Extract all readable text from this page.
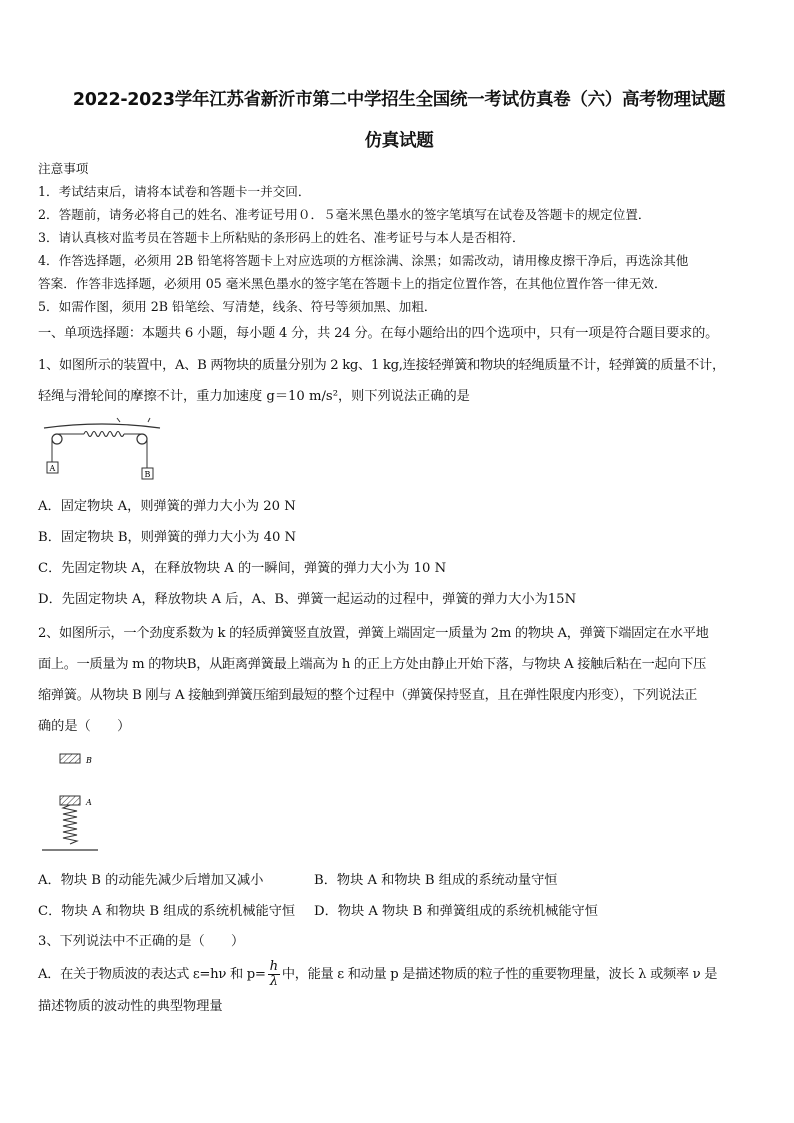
2022-2023学年江苏省新沂市第二中学招生全国统一考试仿真卷（六）高考物理试题
仿真试题
注意事项
1．考试结束后，请将本试卷和答题卡一并交回．
2．答题前，请务必将自己的姓名、准考证号用０．５毫米黑色墨水的签字笔填写在试卷及答题卡的规定位置．
3．请认真核对监考员在答题卡上所粘贴的条形码上的姓名、准考证号与本人是否相符．
4．作答选择题，必须用 2B 铅笔将答题卡上对应选项的方框涂满、涂黑；如需改动，请用橡皮擦干净后，再选涂其他
答案．作答非选择题，必须用 05 毫米黑色墨水的签字笔在答题卡上的指定位置作答，在其他位置作答一律无效．
5．如需作图，须用 2B 铅笔绘、写清楚，线条、符号等须加黑、加粗．
一、单项选择题：本题共 6 小题，每小题 4 分，共 24 分。在每小题给出的四个选项中，只有一项是符合题目要求的。
1、如图所示的装置中，A、B 两物块的质量分别为 2 kg、1 kg,连接轻弹簧和物块的轻绳质量不计，轻弹簧的质量不计，
轻绳与滑轮间的摩擦不计，重力加速度 g＝10 m/s²，则下列说法正确的是
A
B
A．固定物块 A，则弹簧的弹力大小为 20 N
B．固定物块 B，则弹簧的弹力大小为 40 N
C．先固定物块 A，在释放物块 A 的一瞬间，弹簧的弹力大小为 10 N
D．先固定物块 A，释放物块 A 后，A、B、弹簧一起运动的过程中，弹簧的弹力大小为15N
2、如图所示，一个劲度系数为 k 的轻质弹簧竖直放置，弹簧上端固定一质量为 2m 的物块 A，弹簧下端固定在水平地
面上。一质量为 m 的物块B，从距离弹簧最上端高为 h 的正上方处由静止开始下落，与物块 A 接触后粘在一起向下压
缩弹簧。从物块 B 刚与 A 接触到弹簧压缩到最短的整个过程中（弹簧保持竖直，且在弹性限度内形变），下列说法正
确的是（　　）
B
A
A．物块 B 的动能先减少后增加又减小	B．物块 A 和物块 B 组成的系统动量守恒
C．物块 A 和物块 B 组成的系统机械能守恒 D．物块 A 物块 B 和弹簧组成的系统机械能守恒
3、下列说法中不正确的是（　　）
A．在关于物质波的表达式 ε=hν 和 $p= \frac{h}{\lambda}$ 中，能量 ε 和动量 p 是描述物质的粒子性的重要物理量，波长 λ 或频率 ν 是
描述物质的波动性的典型物理量
